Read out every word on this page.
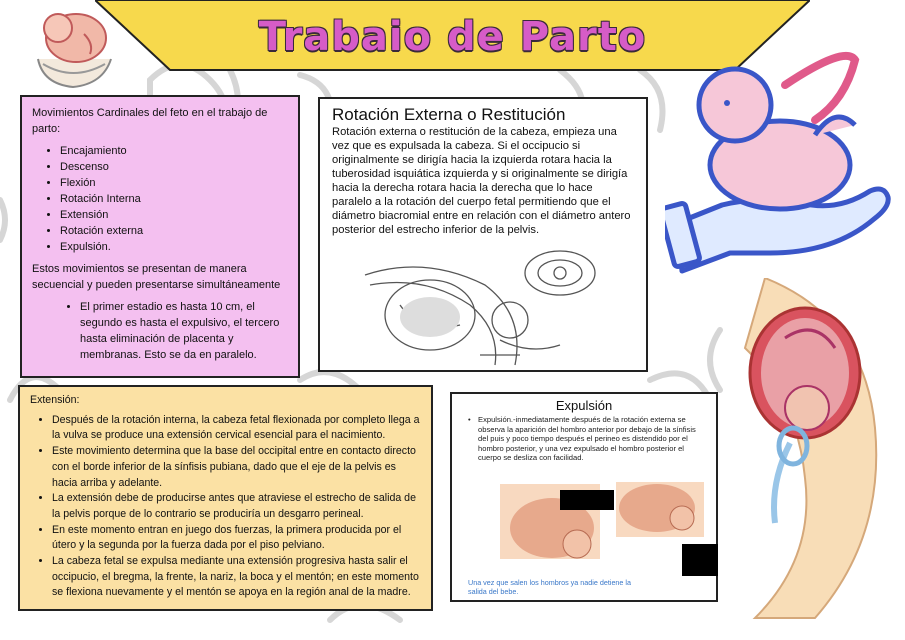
Trabaio de Parto

Movimientos Cardinales del feto en el trabajo de parto:

• Encajamiento
• Descenso
• Flexión
• Rotación Interna
• Extensión
• Rotación externa
• Expulsión.

Estos movimientos se presentan de manera secuencial y pueden presentarse simultáneamente

• El primer estadio es hasta 10 cm, el segundo es hasta el expulsivo, el tercero hasta eliminación de placenta y membranas. Esto se da en paralelo.
Rotación Externa o Restitución
Rotación externa o restitución de la cabeza, empieza una vez que es expulsada la cabeza. Si el occipucio si originalmente se dirigía hacia la izquierda rotara hacia la tuberosidad isquiática izquierda y si originalmente se dirigía hacia la derecha rotara hacia la derecha que lo hace paralelo a la rotación del cuerpo fetal permitiendo que el diámetro biacromial entre en relación con el diámetro antero posterior del estrecho inferior de la pelvis.

Extensión:

• Después de la rotación interna, la cabeza fetal flexionada por completo llega a la vulva se produce una extensión cervical esencial para el nacimiento.
• Este movimiento determina que la base del occipital entre en contacto directo con el borde inferior de la sínfisis pubiana, dado que el eje de la pelvis es hacia arriba y adelante.
• La extensión debe de producirse antes que atraviese el estrecho de salida de la pelvis porque de lo contrario se produciría un desgarro perineal.
• En este momento entran en juego dos fuerzas, la primera producida por el útero y la segunda por la fuerza dada por el piso pelviano.
• La cabeza fetal se expulsa mediante una extensión progresiva hasta salir el occipucio, el bregma, la frente, la nariz, la boca y el mentón; en este momento se flexiona nuevamente y el mentón se apoya en la región anal de la madre.
Expulsión
• Expulsión.-inmediatamente después de la rotación externa se observa la aparición del hombro anterior por debajo de la sínfisis del puis y poco tiempo después el perineo es distendido por el hombro posterior, y una vez expulsado el hombro posterior el cuerpo se desliza con facilidad.
Una vez que salen los hombros ya nadie detiene la salida del bebe.
